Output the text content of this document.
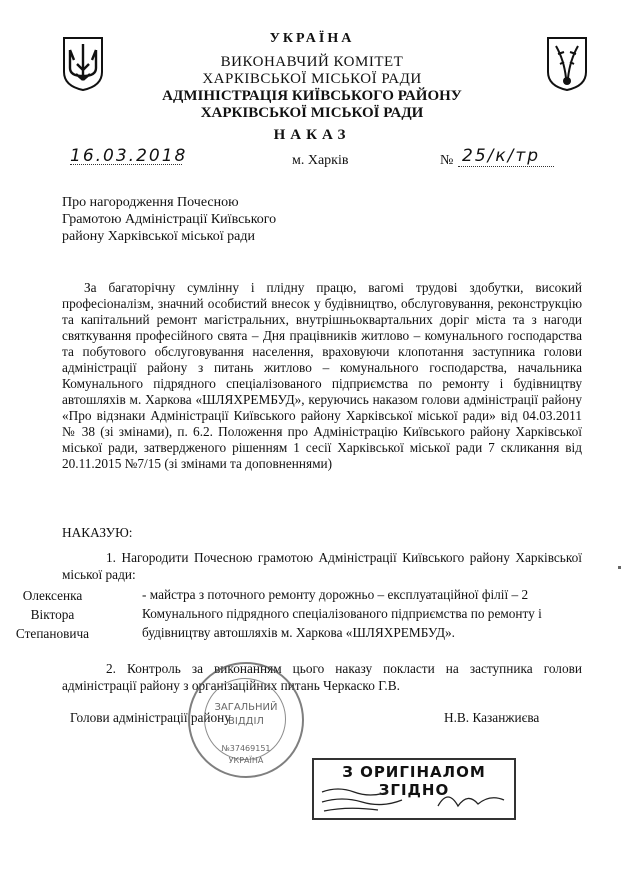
УКРАЇНА
ВИКОНАВЧИЙ КОМІТЕТ
ХАРКІВСЬКОЇ МІСЬКОЇ РАДИ
АДМІНІСТРАЦІЯ КИЇВСЬКОГО РАЙОНУ
ХАРКІВСЬКОЇ МІСЬКОЇ РАДИ
НАКАЗ
16.03.2018	м. Харків	№ 25/к/тр
Про нагородження Почесною Грамотою Адміністрації Київського району Харківської міської ради

За багаторічну сумлінну і плідну працю, вагомі трудові здобутки, високий професіоналізм, значний особистий внесок у будівництво, обслуговування, реконструкцію та капітальний ремонт магістральних, внутрішньоквартальних доріг міста та з нагоди святкування професійного свята – Дня працівників житлово – комунального господарства та побутового обслуговування населення, враховуючи клопотання заступника голови адміністрації району з питань житлово – комунального господарства, начальника Комунального підрядного спеціалізованого підприємства по ремонту і будівництву автошляхів м. Харкова «ШЛЯХРЕМБУД», керуючись наказом голови адміністрації району «Про відзнаки Адміністрації Київського району Харківської міської ради» від 04.03.2011 № 38 (зі змінами), п. 6.2. Положення про Адміністрацію Київського району Харківської міської ради, затвердженого рішенням 1 сесії Харківської міської ради 7 скликання від 20.11.2015 №7/15 (зі змінами та доповненнями)

НАКАЗУЮ:

1. Нагородити Почесною грамотою Адміністрації Київського району Харківської міської ради:

Олексенка
Віктора
Степановича
- майстра з поточного ремонту дорожньо – експлуатаційної філії – 2 Комунального підрядного спеціалізованого підприємства по ремонту і будівництву автошляхів м. Харкова «ШЛЯХРЕМБУД».

2. Контроль за виконанням цього наказу покласти на заступника голови адміністрації району з організаційних питань Черкаско Г.В.

Голови адміністрації району	Н.В. Казанжиєва
ЗАГАЛЬНИЙ
ВІДДІЛ
№37469151
УКРАЇНА
З ОРИГІНАЛОМ ЗГІДНО
